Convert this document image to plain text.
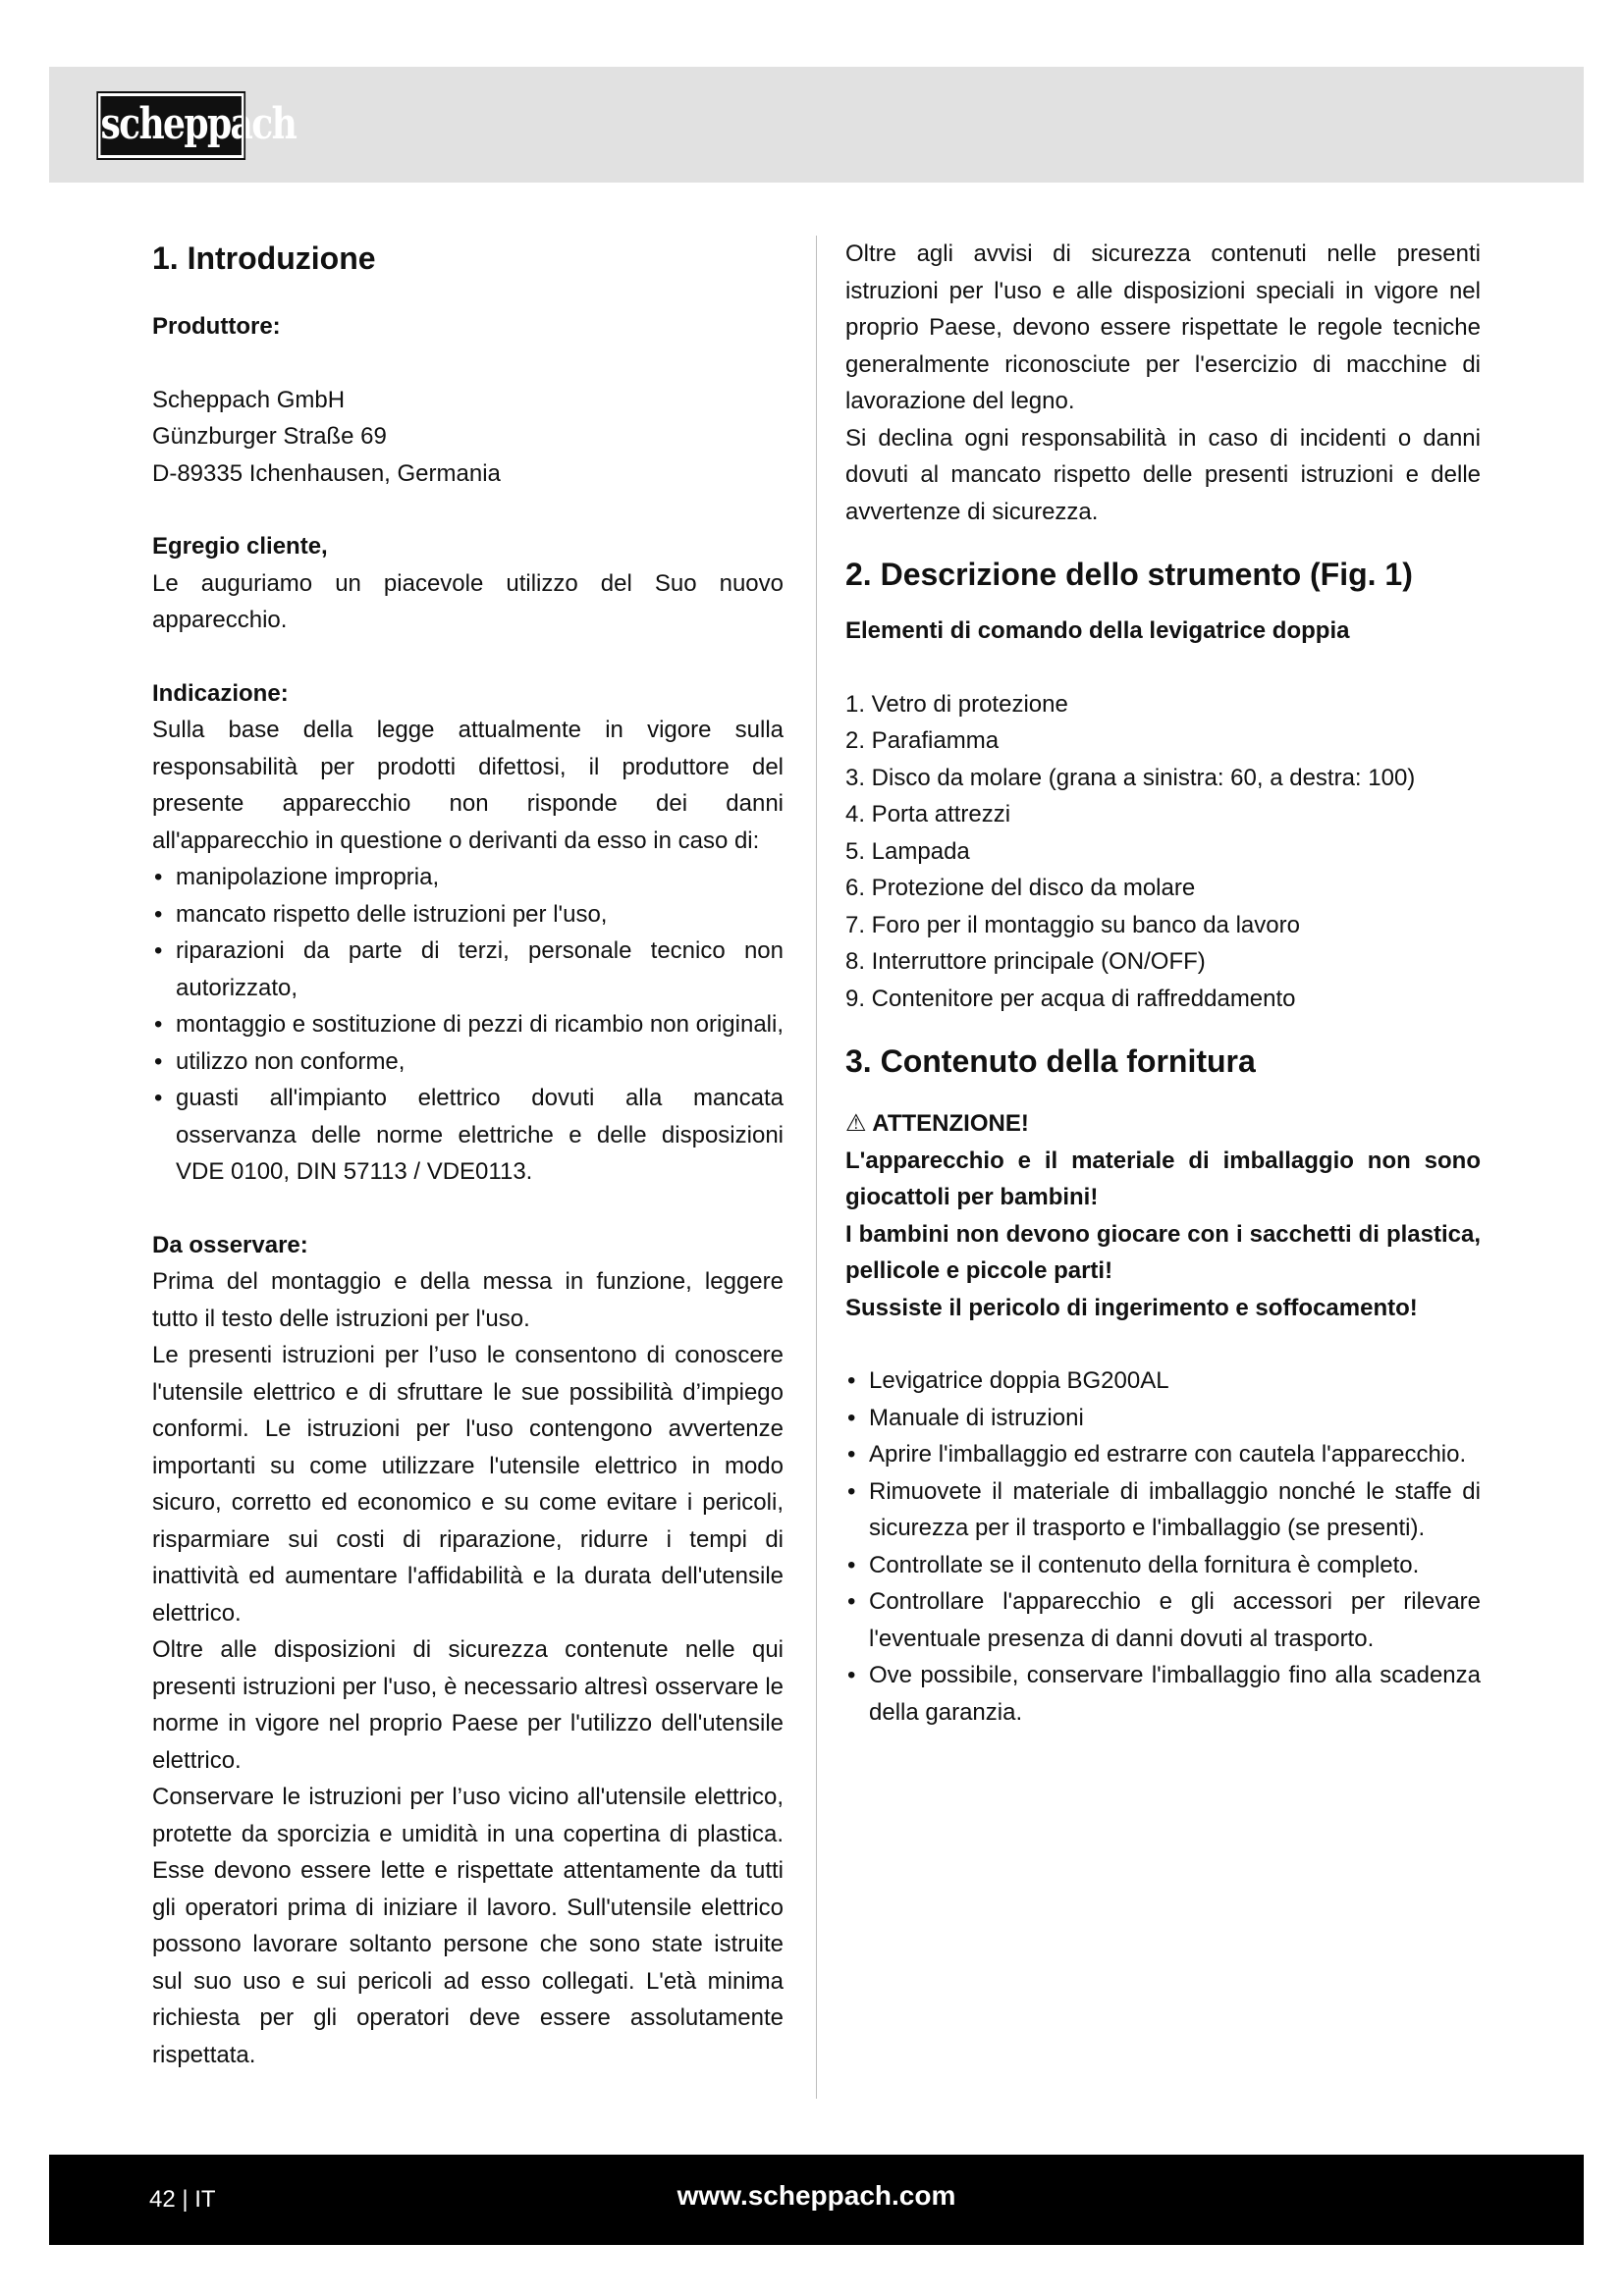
scheppach
1. Introduzione

Produttore:

Scheppach GmbH

Günzburger Straße 69

D-89335 Ichenhausen, Germania

Egregio cliente,

Le auguriamo un piacevole utilizzo del Suo nuovo apparecchio.

Indicazione:

Sulla base della legge attualmente in vigore sulla responsabilità per prodotti difettosi, il produttore del presente apparecchio non risponde dei danni all'apparecchio in questione o derivanti da esso in caso di:

• manipolazione impropria,
• mancato rispetto delle istruzioni per l'uso,
• riparazioni da parte di terzi, personale tecnico non autorizzato,
• montaggio e sostituzione di pezzi di ricambio non originali,
• utilizzo non conforme,
• guasti all'impianto elettrico dovuti alla mancata osservanza delle norme elettriche e delle disposizioni VDE 0100, DIN 57113 / VDE0113.

Da osservare:

Prima del montaggio e della messa in funzione, leggere tutto il testo delle istruzioni per l'uso.

Le presenti istruzioni per l’uso le consentono di conoscere l'utensile elettrico e di sfruttare le sue possibilità d’impiego conformi. Le istruzioni per l'uso contengono avvertenze importanti su come utilizzare l'utensile elettrico in modo sicuro, corretto ed economico e su come evitare i pericoli, risparmiare sui costi di riparazione, ridurre i tempi di inattività ed aumentare l'affidabilità e la durata dell'utensile elettrico.

Oltre alle disposizioni di sicurezza contenute nelle qui presenti istruzioni per l'uso, è necessario altresì osservare le norme in vigore nel proprio Paese per l'utilizzo dell'utensile elettrico.

Conservare le istruzioni per l’uso vicino all'utensile elettrico, protette da sporcizia e umidità in una copertina di plastica. Esse devono essere lette e rispettate attentamente da tutti gli operatori prima di iniziare il lavoro. Sull'utensile elettrico possono lavorare soltanto persone che sono state istruite sul suo uso e sui pericoli ad esso collegati. L'età minima richiesta per gli operatori deve essere assolutamente rispettata.

Oltre agli avvisi di sicurezza contenuti nelle presenti istruzioni per l'uso e alle disposizioni speciali in vigore nel proprio Paese, devono essere rispettate le regole tecniche generalmente riconosciute per l'esercizio di macchine di lavorazione del legno.

Si declina ogni responsabilità in caso di incidenti o danni dovuti al mancato rispetto delle presenti istruzioni e delle avvertenze di sicurezza.

2. Descrizione dello strumento (Fig. 1)

Elementi di comando della levigatrice doppia

1. Vetro di protezione
2. Parafiamma
3. Disco da molare (grana a sinistra: 60, a destra: 100)
4. Porta attrezzi
5. Lampada
6. Protezione del disco da molare
7. Foro per il montaggio su banco da lavoro
8. Interruttore principale (ON/OFF)
9. Contenitore per acqua di raffreddamento
3. Contenuto della fornitura

⚠ ATTENZIONE!

L'apparecchio e il materiale di imballaggio non sono giocattoli per bambini!

I bambini non devono giocare con i sacchetti di plastica, pellicole e piccole parti!

Sussiste il pericolo di ingerimento e soffocamento!

• Levigatrice doppia BG200AL
• Manuale di istruzioni
• Aprire l'imballaggio ed estrarre con cautela l'apparecchio.
• Rimuovete il materiale di imballaggio nonché le staffe di sicurezza per il trasporto e l'imballaggio (se presenti).
• Controllate se il contenuto della fornitura è completo.
• Controllare l'apparecchio e gli accessori per rilevare l'eventuale presenza di danni dovuti al trasporto.
• Ove possibile, conservare l'imballaggio fino alla scadenza della garanzia.
42 | IT	www.scheppach.com
